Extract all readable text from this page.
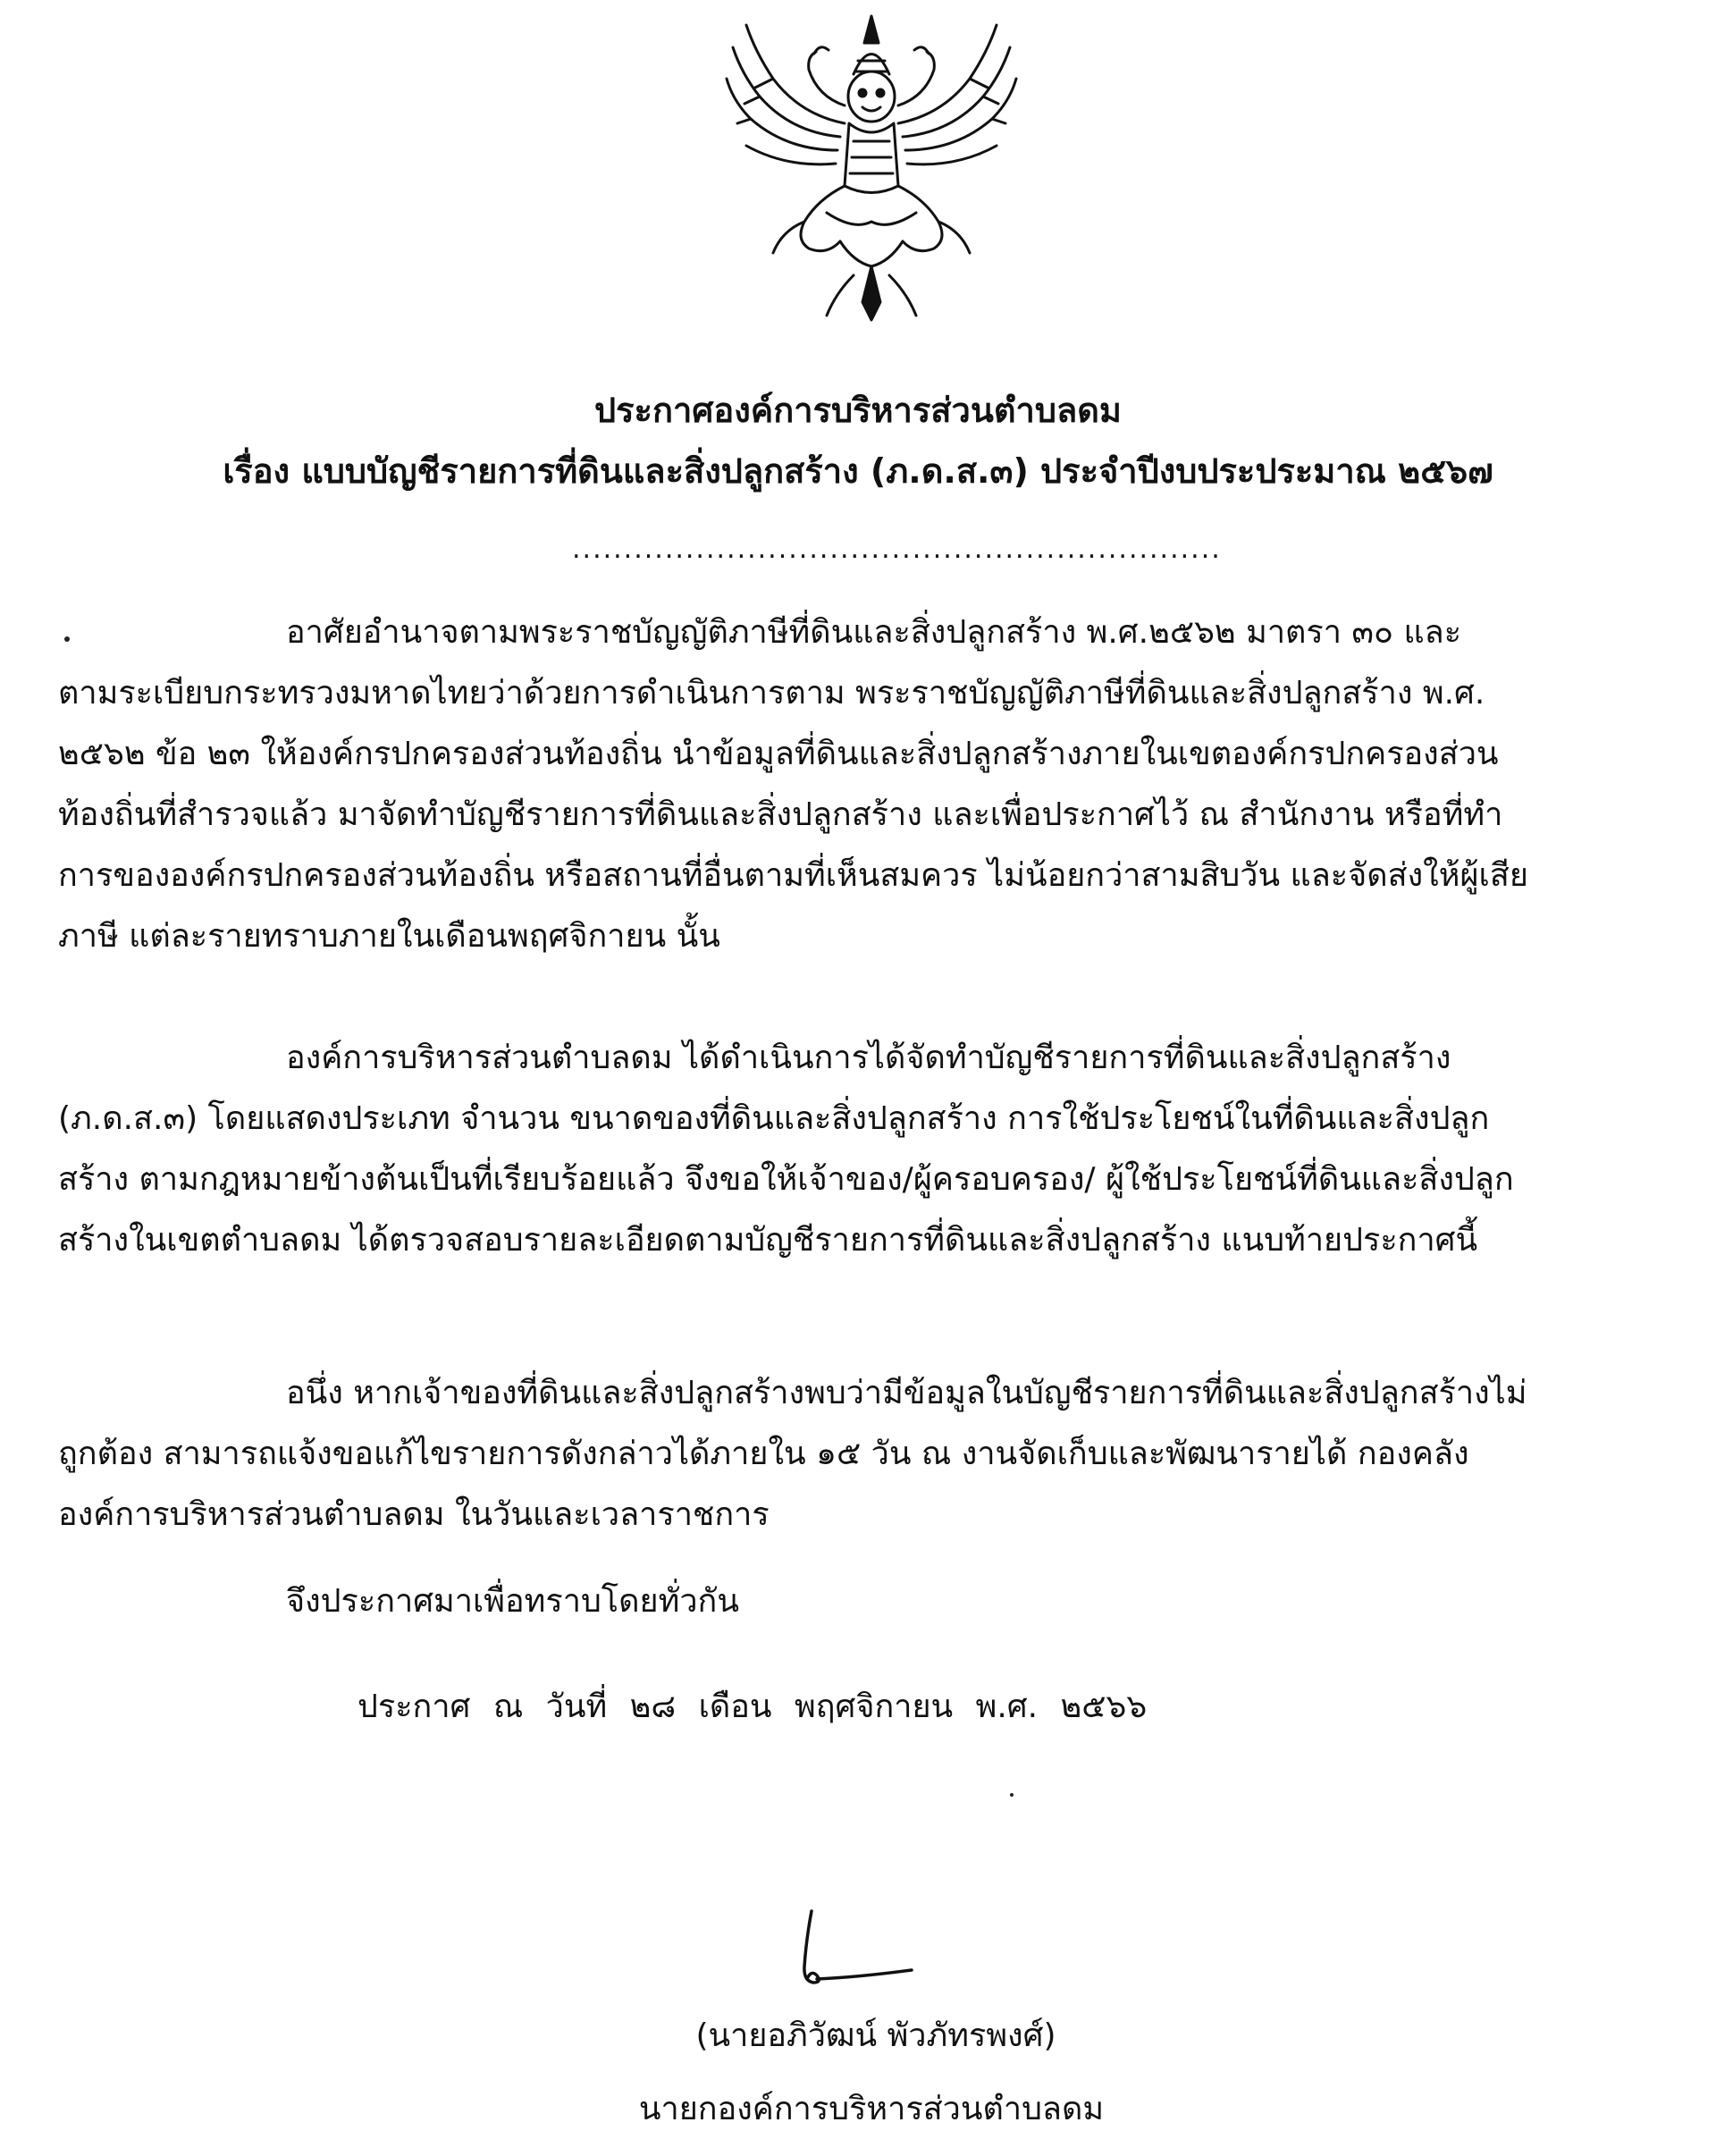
ประกาศองค์การบริหารส่วนตำบลดม
เรื่อง แบบบัญชีรายการที่ดินและสิ่งปลูกสร้าง (ภ.ด.ส.๓) ประจำปีงบประประมาณ ๒๕๖๗
...............................................................
อาศัยอำนาจตามพระราชบัญญัติภาษีที่ดินและสิ่งปลูกสร้าง พ.ศ.๒๕๖๒ มาตรา ๓๐ และ
ตามระเบียบกระทรวงมหาดไทยว่าด้วยการดำเนินการตาม พระราชบัญญัติภาษีที่ดินและสิ่งปลูกสร้าง พ.ศ.
๒๕๖๒ ข้อ ๒๓ ให้องค์กรปกครองส่วนท้องถิ่น นำข้อมูลที่ดินและสิ่งปลูกสร้างภายในเขตองค์กรปกครองส่วน
ท้องถิ่นที่สำรวจแล้ว มาจัดทำบัญชีรายการที่ดินและสิ่งปลูกสร้าง และเพื่อประกาศไว้ ณ สำนักงาน หรือที่ทำ
การขององค์กรปกครองส่วนท้องถิ่น หรือสถานที่อื่นตามที่เห็นสมควร ไม่น้อยกว่าสามสิบวัน และจัดส่งให้ผู้เสีย
ภาษี แต่ละรายทราบภายในเดือนพฤศจิกายน นั้น
องค์การบริหารส่วนตำบลดม ได้ดำเนินการได้จัดทำบัญชีรายการที่ดินและสิ่งปลูกสร้าง
(ภ.ด.ส.๓) โดยแสดงประเภท จำนวน ขนาดของที่ดินและสิ่งปลูกสร้าง การใช้ประโยชน์ในที่ดินและสิ่งปลูก
สร้าง ตามกฎหมายข้างต้นเป็นที่เรียบร้อยแล้ว จึงขอให้เจ้าของ/ผู้ครอบครอง/ ผู้ใช้ประโยชน์ที่ดินและสิ่งปลูก
สร้างในเขตตำบลดม ได้ตรวจสอบรายละเอียดตามบัญชีรายการที่ดินและสิ่งปลูกสร้าง แนบท้ายประกาศนี้
อนึ่ง หากเจ้าของที่ดินและสิ่งปลูกสร้างพบว่ามีข้อมูลในบัญชีรายการที่ดินและสิ่งปลูกสร้างไม่
ถูกต้อง สามารถแจ้งขอแก้ไขรายการดังกล่าวได้ภายใน ๑๕ วัน ณ งานจัดเก็บและพัฒนารายได้ กองคลัง
องค์การบริหารส่วนตำบลดม ในวันและเวลาราชการ
จึงประกาศมาเพื่อทราบโดยทั่วกัน
ประกาศ ณ วันที่ ๒๘ เดือน พฤศจิกายน พ.ศ. ๒๕๖๖
(นายอภิวัฒน์ พัวภัทรพงศ์)
นายกองค์การบริหารส่วนตำบลดม
